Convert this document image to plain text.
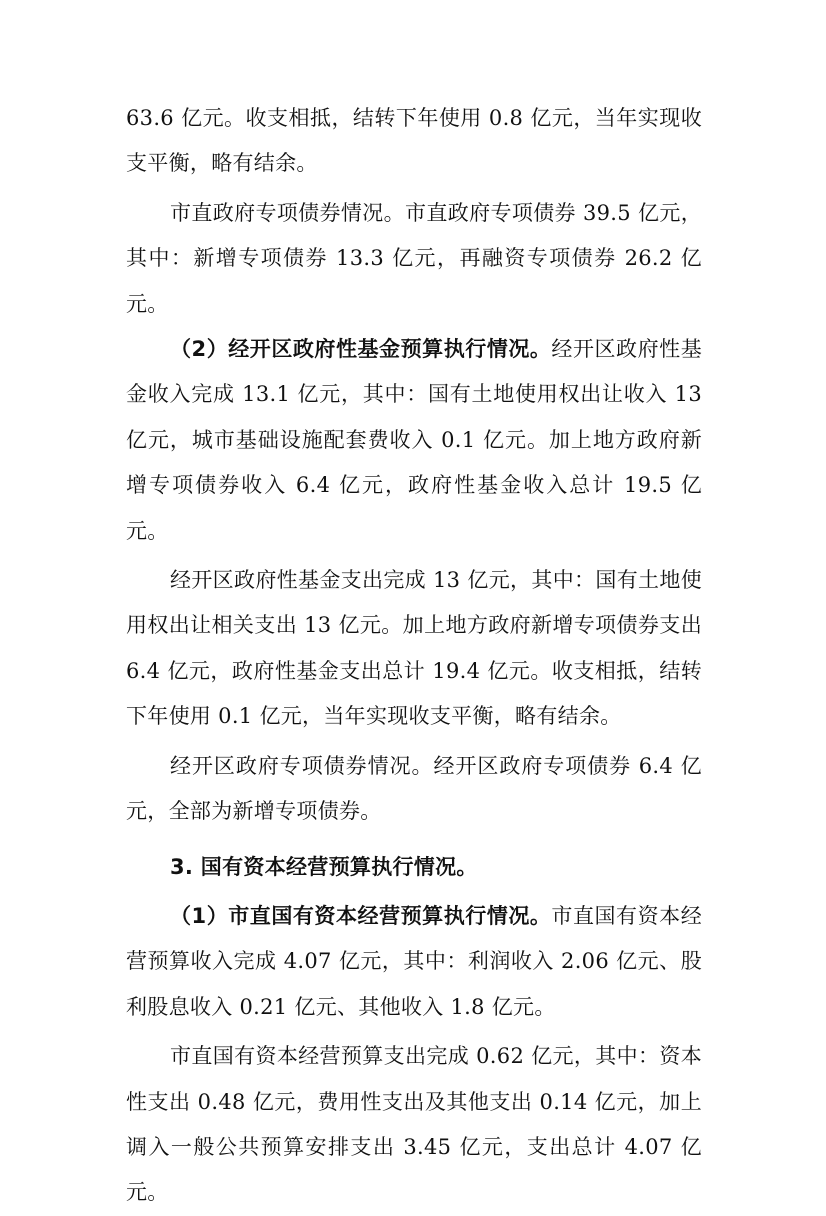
63.6 亿元。收支相抵，结转下年使用 0.8 亿元，当年实现收支平衡，略有结余。

市直政府专项债券情况。市直政府专项债券 39.5 亿元，其中：新增专项债券 13.3 亿元，再融资专项债券 26.2 亿元。

（2）经开区政府性基金预算执行情况。经开区政府性基金收入完成 13.1 亿元，其中：国有土地使用权出让收入 13 亿元，城市基础设施配套费收入 0.1 亿元。加上地方政府新增专项债券收入 6.4 亿元，政府性基金收入总计 19.5 亿元。

经开区政府性基金支出完成 13 亿元，其中：国有土地使用权出让相关支出 13 亿元。加上地方政府新增专项债券支出 6.4 亿元，政府性基金支出总计 19.4 亿元。收支相抵，结转下年使用 0.1 亿元，当年实现收支平衡，略有结余。

经开区政府专项债券情况。经开区政府专项债券 6.4 亿元，全部为新增专项债券。

3. 国有资本经营预算执行情况。

（1）市直国有资本经营预算执行情况。市直国有资本经营预算收入完成 4.07 亿元，其中：利润收入 2.06 亿元、股利股息收入 0.21 亿元、其他收入 1.8 亿元。

市直国有资本经营预算支出完成 0.62 亿元，其中：资本性支出 0.48 亿元，费用性支出及其他支出 0.14 亿元，加上调入一般公共预算安排支出 3.45 亿元，支出总计 4.07 亿元。
